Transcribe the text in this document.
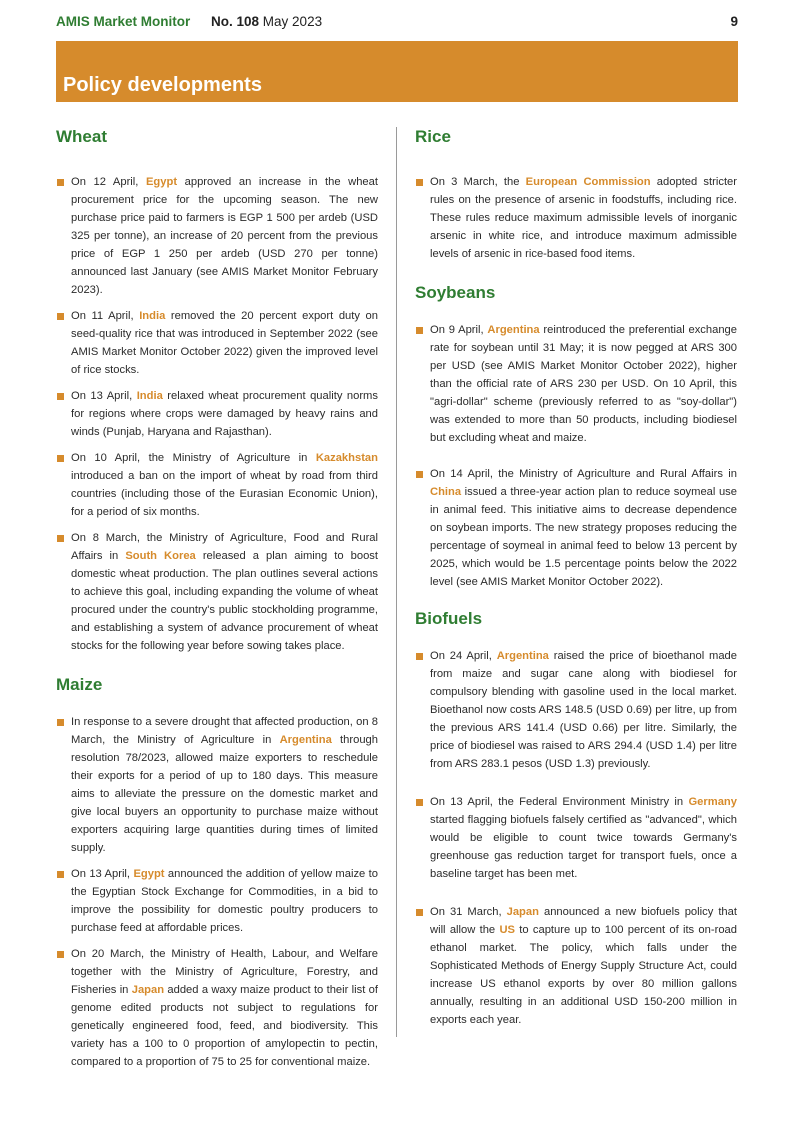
AMIS Market Monitor No. 108 May 2023	9
Policy developments
Wheat

On 12 April, Egypt approved an increase in the wheat procurement price for the upcoming season. The new purchase price paid to farmers is EGP 1 500 per ardeb (USD 325 per tonne), an increase of 20 percent from the previous price of EGP 1 250 per ardeb (USD 270 per tonne) announced last January (see AMIS Market Monitor February 2023).

On 11 April, India removed the 20 percent export duty on seed-quality rice that was introduced in September 2022 (see AMIS Market Monitor October 2022) given the improved level of rice stocks.

On 13 April, India relaxed wheat procurement quality norms for regions where crops were damaged by heavy rains and winds (Punjab, Haryana and Rajasthan).

On 10 April, the Ministry of Agriculture in Kazakhstan introduced a ban on the import of wheat by road from third countries (including those of the Eurasian Economic Union), for a period of six months.

On 8 March, the Ministry of Agriculture, Food and Rural Affairs in South Korea released a plan aiming to boost domestic wheat production. The plan outlines several actions to achieve this goal, including expanding the volume of wheat procured under the country's public stockholding programme, and establishing a system of advance procurement of wheat stocks for the following year before sowing takes place.

Maize

In response to a severe drought that affected production, on 8 March, the Ministry of Agriculture in Argentina through resolution 78/2023, allowed maize exporters to reschedule their exports for a period of up to 180 days. This measure aims to alleviate the pressure on the domestic market and give local buyers an opportunity to purchase maize without exporters acquiring large quantities during times of limited supply.

On 13 April, Egypt announced the addition of yellow maize to the Egyptian Stock Exchange for Commodities, in a bid to improve the possibility for domestic poultry producers to purchase feed at affordable prices.

On 20 March, the Ministry of Health, Labour, and Welfare together with the Ministry of Agriculture, Forestry, and Fisheries in Japan added a waxy maize product to their list of genome edited products not subject to regulations for genetically engineered food, feed, and biodiversity. This variety has a 100 to 0 proportion of amylopectin to pectin, compared to a proportion of 75 to 25 for conventional maize.

Rice

On 3 March, the European Commission adopted stricter rules on the presence of arsenic in foodstuffs, including rice. These rules reduce maximum admissible levels of inorganic arsenic in white rice, and introduce maximum admissible levels of arsenic in rice-based food items.

Soybeans

On 9 April, Argentina reintroduced the preferential exchange rate for soybean until 31 May; it is now pegged at ARS 300 per USD (see AMIS Market Monitor October 2022), higher than the official rate of ARS 230 per USD. On 10 April, this "agri-dollar" scheme (previously referred to as "soy-dollar") was extended to more than 50 products, including biodiesel but excluding wheat and maize.

On 14 April, the Ministry of Agriculture and Rural Affairs in China issued a three-year action plan to reduce soymeal use in animal feed. This initiative aims to decrease dependence on soybean imports. The new strategy proposes reducing the percentage of soymeal in animal feed to below 13 percent by 2025, which would be 1.5 percentage points below the 2022 level (see AMIS Market Monitor October 2022).

Biofuels

On 24 April, Argentina raised the price of bioethanol made from maize and sugar cane along with biodiesel for compulsory blending with gasoline used in the local market. Bioethanol now costs ARS 148.5 (USD 0.69) per litre, up from the previous ARS 141.4 (USD 0.66) per litre. Similarly, the price of biodiesel was raised to ARS 294.4 (USD 1.4) per litre from ARS 283.1 pesos (USD 1.3) previously.

On 13 April, the Federal Environment Ministry in Germany started flagging biofuels falsely certified as "advanced", which would be eligible to count twice towards Germany's greenhouse gas reduction target for transport fuels, once a baseline target has been met.

On 31 March, Japan announced a new biofuels policy that will allow the US to capture up to 100 percent of its on-road ethanol market. The policy, which falls under the Sophisticated Methods of Energy Supply Structure Act, could increase US ethanol exports by over 80 million gallons annually, resulting in an additional USD 150-200 million in exports each year.
